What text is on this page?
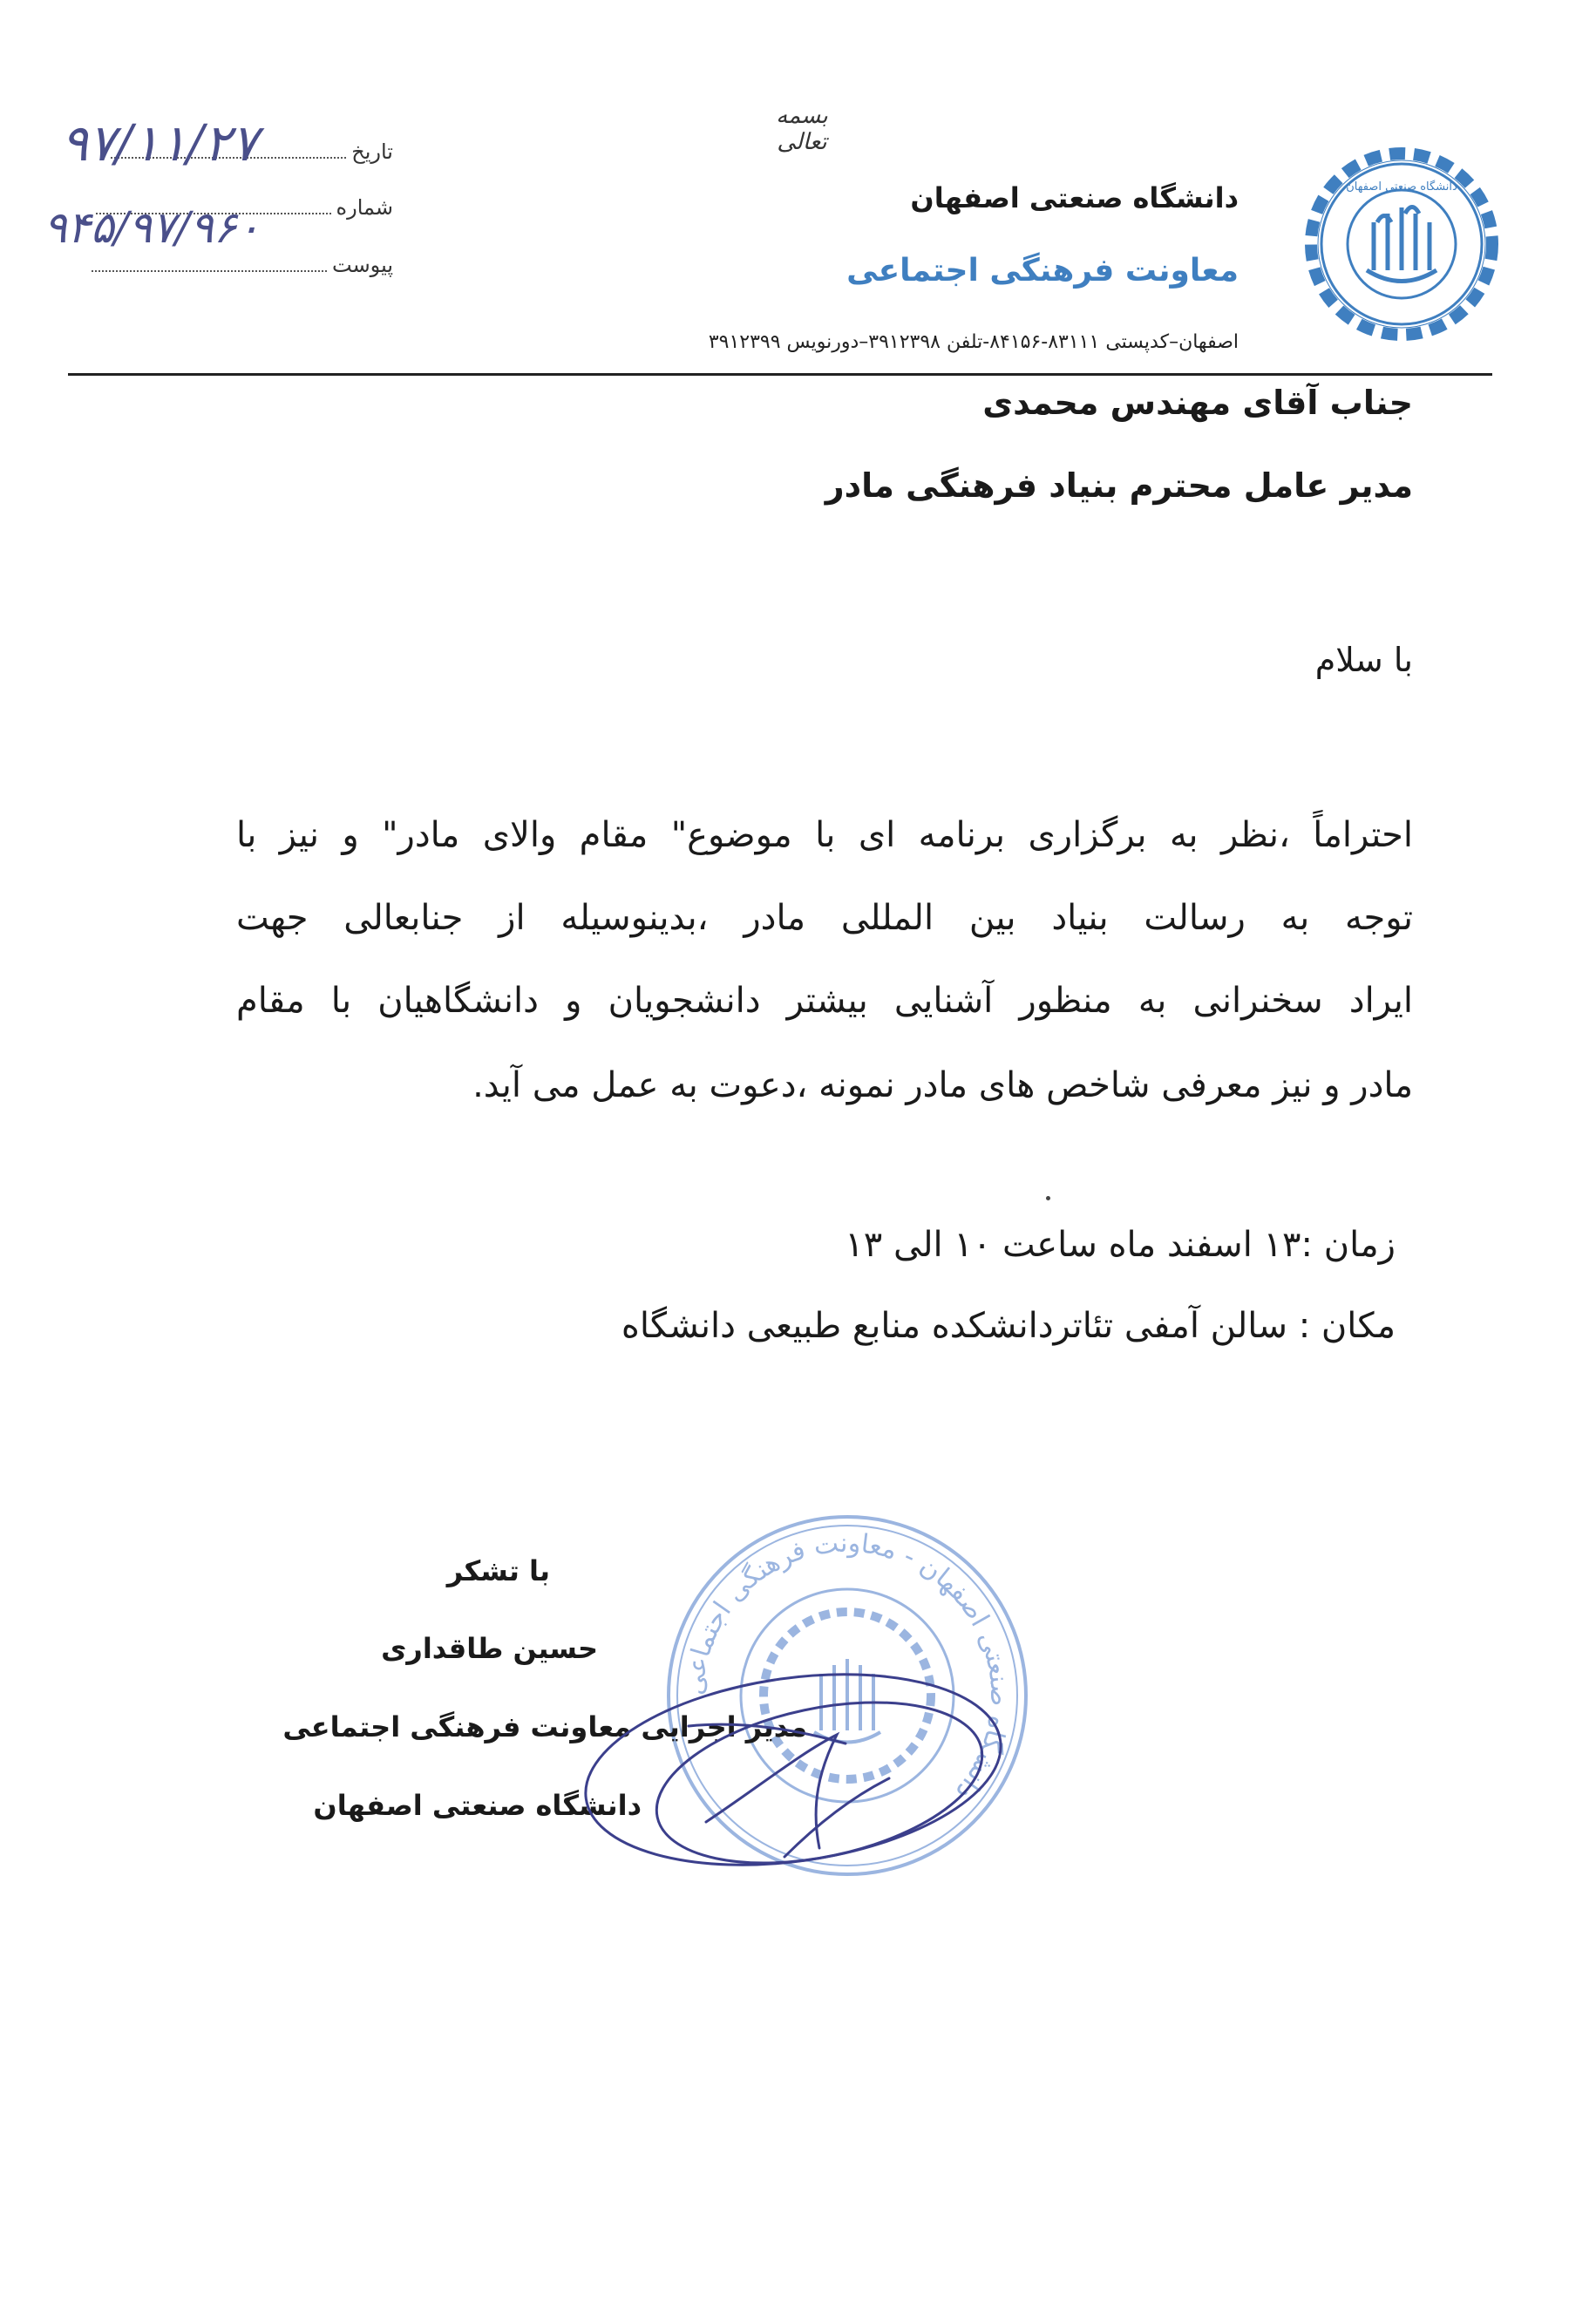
دانشگاه صنعتی اصفهان
بسمه تعالی
دانشگاه صنعتی اصفهان
معاونت فرهنگی اجتماعی
اصفهان–کدپستی ۸۳۱۱۱-۸۴۱۵۶-تلفن ۳۹۱۲۳۹۸–دورنویس ۳۹۱۲۳۹۹
تاریخ
شماره
پیوست
۹۷/۱۱/۲۷
۹۴۵/۹۷/۹۶۰
جناب آقای مهندس محمدی
مدیر عامل محترم بنیاد فرهنگی مادر
با سلام
احتراماً ،نظر به برگزاری برنامه ای با موضوع" مقام والای مادر" و نیز با
توجه به رسالت بنیاد بین المللی مادر ،بدینوسیله از جنابعالی جهت
ایراد سخنرانی به منظور آشنایی بیشتر دانشجویان و دانشگاهیان با مقام
مادر و نیز معرفی شاخص های مادر نمونه ،دعوت به عمل می آید.
زمان :۱۳ اسفند ماه ساعت ۱۰ الی ۱۳
مکان : سالن آمفی تئاتردانشکده منابع طبیعی دانشگاه
دانشگاه صنعتی اصفهان - معاونت فرهنگی اجتماعی
با تشکر
حسین طاقداری
مدیر اجرایی معاونت فرهنگی اجتماعی
دانشگاه صنعتی اصفهان
